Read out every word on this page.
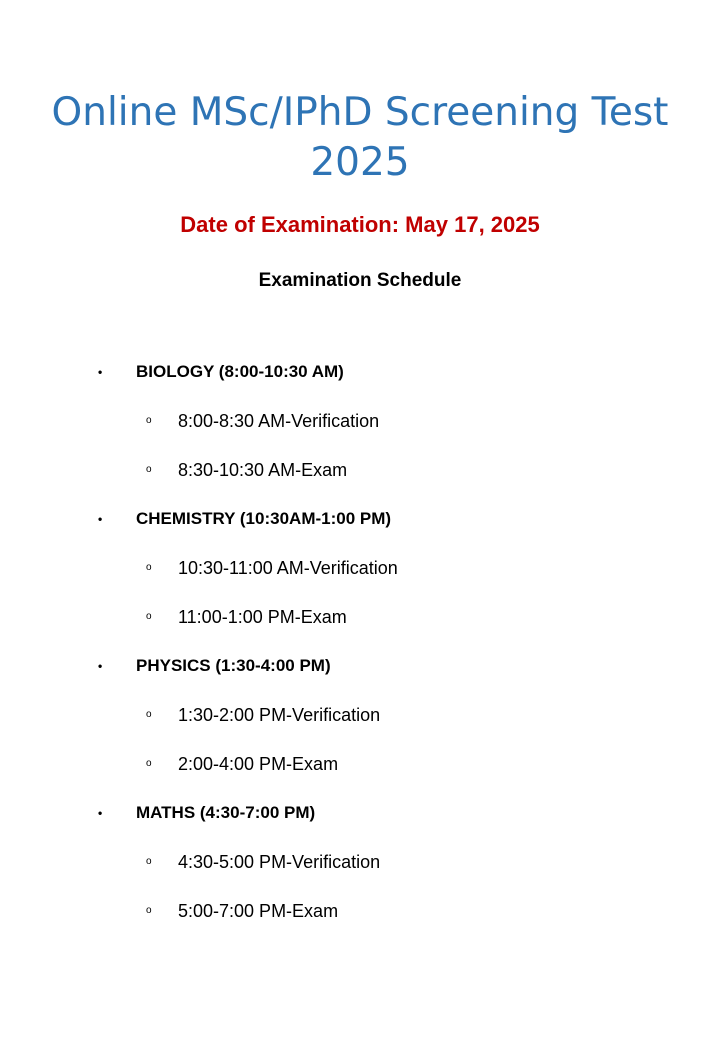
Online MSc/IPhD Screening Test
2025

Date of Examination: May 17, 2025

Examination Schedule

• BIOLOGY (8:00-10:30 AM)
o 8:00-8:30 AM-Verification
o 8:30-10:30 AM-Exam
• CHEMISTRY (10:30AM-1:00 PM)
o 10:30-11:00 AM-Verification
o 11:00-1:00 PM-Exam
• PHYSICS (1:30-4:00 PM)
o 1:30-2:00 PM-Verification
o 2:00-4:00 PM-Exam
• MATHS (4:30-7:00 PM)
o 4:30-5:00 PM-Verification
o 5:00-7:00 PM-Exam
